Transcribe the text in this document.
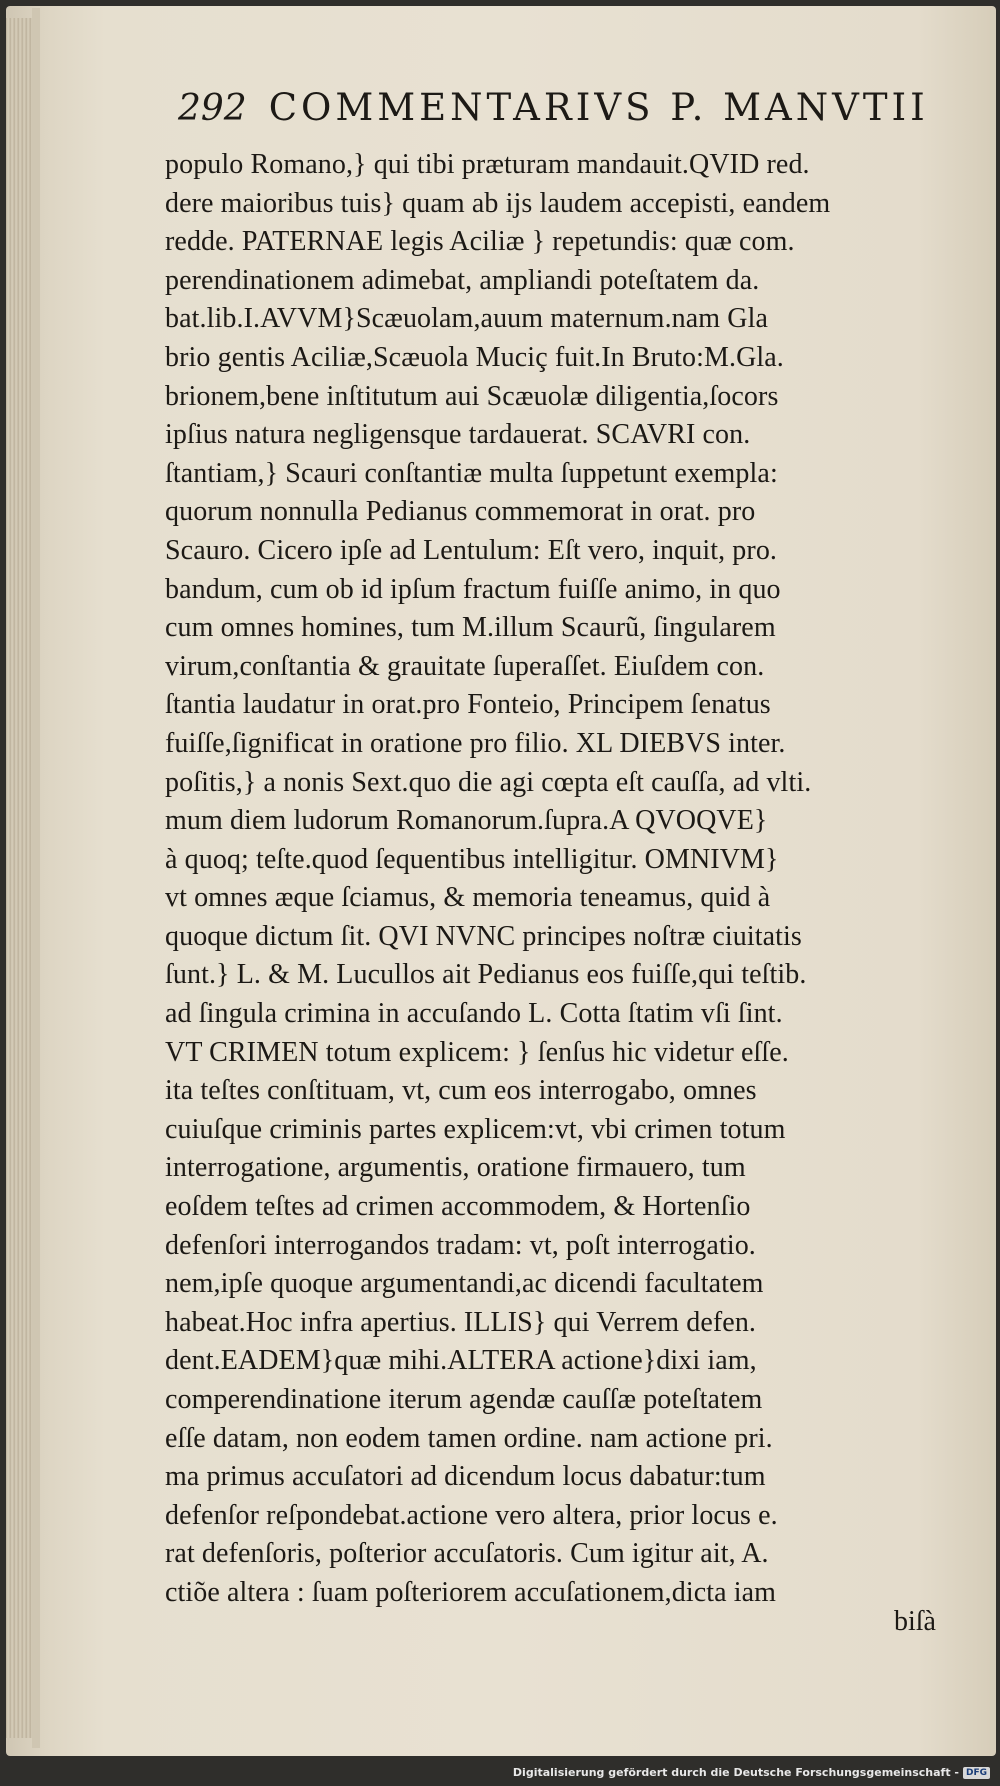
292 COMMENTARIVS P. MANVTII
populo Romano,} qui tibi præturam mandauit.QVID red.
dere maioribus tuis} quam ab ijs laudem accepisti, eandem
redde. PATERNAE legis Aciliæ } repetundis: quæ com.
perendinationem adimebat, ampliandi poteſtatem da.
bat.lib.I.AVVM}Scæuolam,auum maternum.nam Gla
brio gentis Aciliæ,Scæuola Muciç fuit.In Bruto:M.Gla.
brionem,bene inſtitutum aui Scæuolæ diligentia,ſocors
ipſius natura negligensque tardauerat. SCAVRI con.
ſtantiam,} Scauri conſtantiæ multa ſuppetunt exempla:
quorum nonnulla Pedianus commemorat in orat. pro
Scauro. Cicero ipſe ad Lentulum: Eſt vero, inquit, pro.
bandum, cum ob id ipſum fractum fuiſſe animo, in quo
cum omnes homines, tum M.illum Scaurũ, ſingularem
virum,conſtantia & grauitate ſuperaſſet. Eiuſdem con.
ſtantia laudatur in orat.pro Fonteio, Principem ſenatus
fuiſſe,ſignificat in oratione pro filio. XL DIEBVS inter.
poſitis,} a nonis Sext.quo die agi cœpta eſt cauſſa, ad vlti.
mum diem ludorum Romanorum.ſupra.A QVOQVE}
à quoq; teſte.quod ſequentibus intelligitur. OMNIVM}
vt omnes æque ſciamus, & memoria teneamus, quid à
quoque dictum ſit. QVI NVNC principes noſtræ ciuitatis
ſunt.} L. & M. Lucullos ait Pedianus eos fuiſſe,qui teſtib.
ad ſingula crimina in accuſando L. Cotta ſtatim vſi ſint.
VT CRIMEN totum explicem: } ſenſus hic videtur eſſe.
ita teſtes conſtituam, vt, cum eos interrogabo, omnes
cuiuſque criminis partes explicem:vt, vbi crimen totum
interrogatione, argumentis, oratione firmauero, tum
eoſdem teſtes ad crimen accommodem, & Hortenſio
defenſori interrogandos tradam: vt, poſt interrogatio.
nem,ipſe quoque argumentandi,ac dicendi facultatem
habeat.Hoc infra apertius. ILLIS} qui Verrem defen.
dent.EADEM}quæ mihi.ALTERA actione}dixi iam,
comperendinatione iterum agendæ cauſſæ poteſtatem
eſſe datam, non eodem tamen ordine. nam actione pri.
ma primus accuſatori ad dicendum locus dabatur:tum
defenſor reſpondebat.actione vero altera, prior locus e.
rat defenſoris, poſterior accuſatoris. Cum igitur ait, A.
ctiõe altera : ſuam poſteriorem accuſationem,dicta iam
biſà
Digitalisierung gefördert durch die Deutsche Forschungsgemeinschaft - DFG
